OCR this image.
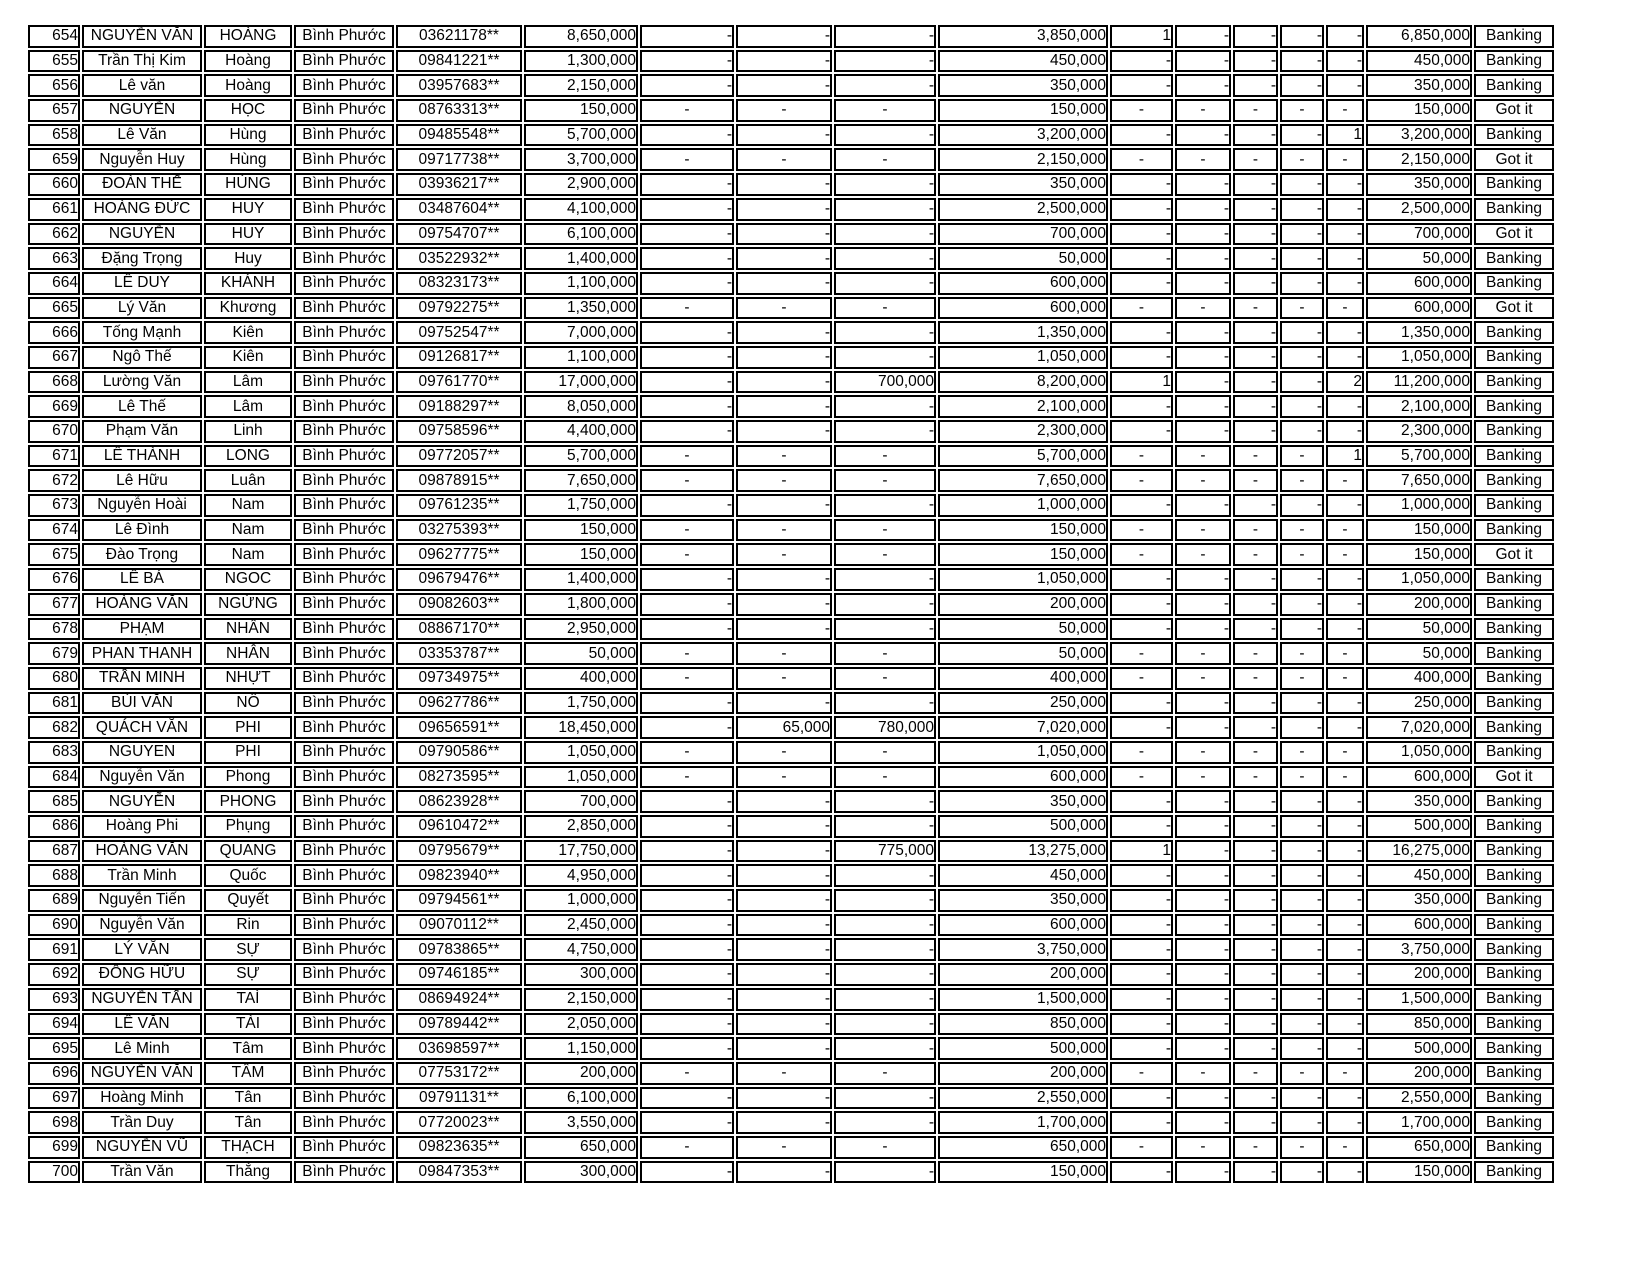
654	NGUYỄN VĂN	HOÀNG	Bình Phước	03621178**	8,650,000	-	-	-	3,850,000	1	-	-	-	-	6,850,000	Banking
655	Trần Thị Kim	Hoàng	Bình Phước	09841221**	1,300,000	-	-	-	450,000	-	-	-	-	-	450,000	Banking
656	Lê văn	Hoàng	Bình Phước	03957683**	2,150,000	-	-	-	350,000	-	-	-	-	-	350,000	Banking
657	NGUYỄN	HỌC	Bình Phước	08763313**	150,000	-	-	-	150,000	-	-	-	-	-	150,000	Got it
658	Lê Văn	Hùng	Bình Phước	09485548**	5,700,000	-	-	-	3,200,000	-	-	-	-	1	3,200,000	Banking
659	Nguyễn Huy	Hùng	Bình Phước	09717738**	3,700,000	-	-	-	2,150,000	-	-	-	-	-	2,150,000	Got it
660	ĐOÀN THẾ	HÙNG	Bình Phước	03936217**	2,900,000	-	-	-	350,000	-	-	-	-	-	350,000	Banking
661	HOÀNG ĐỨC	HUY	Bình Phước	03487604**	4,100,000	-	-	-	2,500,000	-	-	-	-	-	2,500,000	Banking
662	NGUYỄN	HUY	Bình Phước	09754707**	6,100,000	-	-	-	700,000	-	-	-	-	-	700,000	Got it
663	Đặng Trọng	Huy	Bình Phước	03522932**	1,400,000	-	-	-	50,000	-	-	-	-	-	50,000	Banking
664	LÊ DUY	KHÁNH	Bình Phước	08323173**	1,100,000	-	-	-	600,000	-	-	-	-	-	600,000	Banking
665	Lý Văn	Khương	Bình Phước	09792275**	1,350,000	-	-	-	600,000	-	-	-	-	-	600,000	Got it
666	Tống Mạnh	Kiên	Bình Phước	09752547**	7,000,000	-	-	-	1,350,000	-	-	-	-	-	1,350,000	Banking
667	Ngô Thế	Kiên	Bình Phước	09126817**	1,100,000	-	-	-	1,050,000	-	-	-	-	-	1,050,000	Banking
668	Lường Văn	Lâm	Bình Phước	09761770**	17,000,000	-	-	700,000	8,200,000	1	-	-	-	2	11,200,000	Banking
669	Lê Thế	Lâm	Bình Phước	09188297**	8,050,000	-	-	-	2,100,000	-	-	-	-	-	2,100,000	Banking
670	Phạm Văn	Linh	Bình Phước	09758596**	4,400,000	-	-	-	2,300,000	-	-	-	-	-	2,300,000	Banking
671	LÊ THÀNH	LONG	Bình Phước	09772057**	5,700,000	-	-	-	5,700,000	-	-	-	-	1	5,700,000	Banking
672	Lê Hữu	Luân	Bình Phước	09878915**	7,650,000	-	-	-	7,650,000	-	-	-	-	-	7,650,000	Banking
673	Nguyễn Hoài	Nam	Bình Phước	09761235**	1,750,000	-	-	-	1,000,000	-	-	-	-	-	1,000,000	Banking
674	Lê Đình	Nam	Bình Phước	03275393**	150,000	-	-	-	150,000	-	-	-	-	-	150,000	Banking
675	Đào Trọng	Nam	Bình Phước	09627775**	150,000	-	-	-	150,000	-	-	-	-	-	150,000	Got it
676	LÊ BÁ	NGOC	Bình Phước	09679476**	1,400,000	-	-	-	1,050,000	-	-	-	-	-	1,050,000	Banking
677	HOÀNG VĂN	NGỪNG	Bình Phước	09082603**	1,800,000	-	-	-	200,000	-	-	-	-	-	200,000	Banking
678	PHẠM	NHÂN	Bình Phước	08867170**	2,950,000	-	-	-	50,000	-	-	-	-	-	50,000	Banking
679	PHAN THANH	NHÂN	Bình Phước	03353787**	50,000	-	-	-	50,000	-	-	-	-	-	50,000	Banking
680	TRẦN MINH	NHỰT	Bình Phước	09734975**	400,000	-	-	-	400,000	-	-	-	-	-	400,000	Banking
681	BÙI VĂN	NÔ	Bình Phước	09627786**	1,750,000	-	-	-	250,000	-	-	-	-	-	250,000	Banking
682	QUÁCH VĂN	PHI	Bình Phước	09656591**	18,450,000	-	65,000	780,000	7,020,000	-	-	-	-	-	7,020,000	Banking
683	NGUYEN	PHI	Bình Phước	09790586**	1,050,000	-	-	-	1,050,000	-	-	-	-	-	1,050,000	Banking
684	Nguyễn Văn	Phong	Bình Phước	08273595**	1,050,000	-	-	-	600,000	-	-	-	-	-	600,000	Got it
685	NGUYỄN	PHONG	Bình Phước	08623928**	700,000	-	-	-	350,000	-	-	-	-	-	350,000	Banking
686	Hoàng Phi	Phụng	Bình Phước	09610472**	2,850,000	-	-	-	500,000	-	-	-	-	-	500,000	Banking
687	HOÀNG VĂN	QUANG	Bình Phước	09795679**	17,750,000	-	-	775,000	13,275,000	1	-	-	-	-	16,275,000	Banking
688	Trần Minh	Quốc	Bình Phước	09823940**	4,950,000	-	-	-	450,000	-	-	-	-	-	450,000	Banking
689	Nguyễn Tiến	Quyết	Bình Phước	09794561**	1,000,000	-	-	-	350,000	-	-	-	-	-	350,000	Banking
690	Nguyễn Văn	Rin	Bình Phước	09070112**	2,450,000	-	-	-	600,000	-	-	-	-	-	600,000	Banking
691	LÝ VĂN	SỰ	Bình Phước	09783865**	4,750,000	-	-	-	3,750,000	-	-	-	-	-	3,750,000	Banking
692	ĐỒNG HỮU	SỰ	Bình Phước	09746185**	300,000	-	-	-	200,000	-	-	-	-	-	200,000	Banking
693	NGUYỄN TẤN	TAÌ	Bình Phước	08694924**	2,150,000	-	-	-	1,500,000	-	-	-	-	-	1,500,000	Banking
694	LÊ VĂN	TÀI	Bình Phước	09789442**	2,050,000	-	-	-	850,000	-	-	-	-	-	850,000	Banking
695	Lê Minh	Tâm	Bình Phước	03698597**	1,150,000	-	-	-	500,000	-	-	-	-	-	500,000	Banking
696	NGUYỄN VĂN	TÂM	Bình Phước	07753172**	200,000	-	-	-	200,000	-	-	-	-	-	200,000	Banking
697	Hoàng Minh	Tân	Bình Phước	09791131**	6,100,000	-	-	-	2,550,000	-	-	-	-	-	2,550,000	Banking
698	Trần Duy	Tân	Bình Phước	07720023**	3,550,000	-	-	-	1,700,000	-	-	-	-	-	1,700,000	Banking
699	NGUYỄN VŨ	THẠCH	Bình Phước	09823635**	650,000	-	-	-	650,000	-	-	-	-	-	650,000	Banking
700	Trần Văn	Thắng	Bình Phước	09847353**	300,000	-	-	-	150,000	-	-	-	-	-	150,000	Banking
